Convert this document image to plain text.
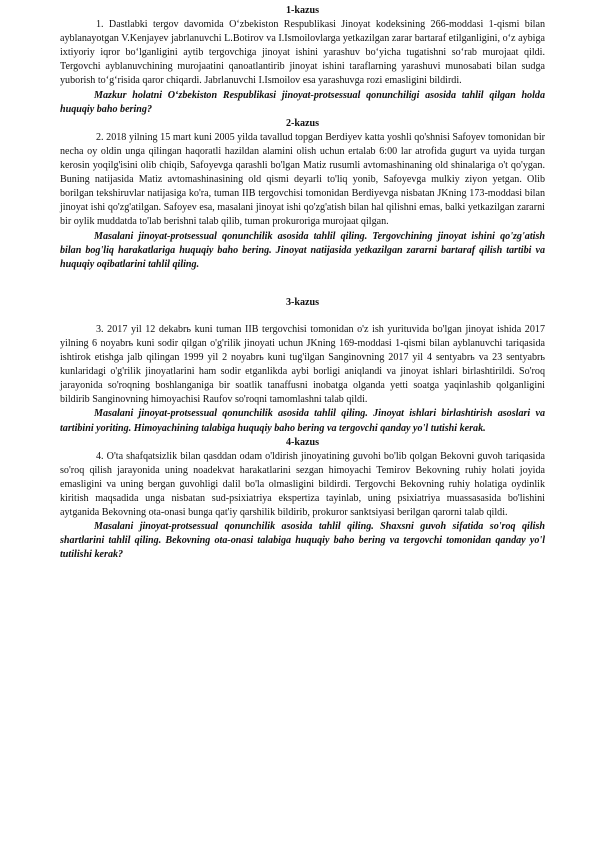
1-kazus

1. Dastlabki tergov davomida O‘zbekiston Respublikasi Jinoyat kodeksining 266-moddasi 1-qismi bilan ayblanayotgan V.Kenjayev jabrlanuvchi L.Botirov va I.Ismoilovlarga yetkazilgan zarar bartaraf etilganligini, o‘z aybiga ixtiyoriy iqror bo‘lganligini aytib tergovchiga jinoyat ishini yarashuv bo‘yicha tugatishni so‘rab murojaat qildi. Tergovchi ayblanuvchining murojaatini qanoatlantirib jinoyat ishini taraflarning yarashuvi munosabati bilan sudga yuborish to‘g‘risida qaror chiqardi. Jabrlanuvchi I.Ismoilov esa yarashuvga rozi emasligini bildirdi.

Mazkur holatni O‘zbekiston Respublikasi jinoyat-protsessual qonunchiligi asosida tahlil qilgan holda huquqiy baho bering?

2-kazus

2. 2018 yilning 15 mart kuni 2005 yilda tavallud topgan Berdiyev katta yoshli qo'shnisi Safoyev tomonidan bir necha oy oldin unga qilingan haqoratli hazildan alamini olish uchun ertalab 6:00 lar atrofida gugurt va uyida turgan kerosin yoqilg'isini olib chiqib, Safoyevga qarashli bo'lgan Matiz rusumli avtomashinaning old shinalariga o't qo'ygan. Buning natijasida Matiz avtomashinasining old qismi deyarli to'liq yonib, Safoyevga mulkiy ziyon yetgan. Olib borilgan tekshiruvlar natijasiga ko'ra, tuman IIB tergovchisi tomonidan Berdiyevga nisbatan JKning 173-moddasi bilan jinoyat ishi qo'zg'atilgan. Safoyev esa, masalani jinoyat ishi qo'zg'atish bilan hal qilishni emas, balki yetkazilgan zararni bir oylik muddatda to'lab berishni talab qilib, tuman prokuroriga murojaat qilgan.

Masalani jinoyat-protsessual qonunchilik asosida tahlil qiling. Tergovchining jinoyat ishini qo'zg'atish bilan bog'liq harakatlariga huquqiy baho bering. Jinoyat natijasida yetkazilgan zararni bartaraf qilish tartibi va huquqiy oqibatlarini tahlil qiling.

3-kazus

3. 2017 yil 12 dekabrь kuni tuman IIB tergovchisi tomonidan o'z ish yurituvida bo'lgan jinoyat ishida 2017 yilning 6 noyabrь kuni sodir qilgan o'g'rilik jinoyati uchun JKning 169-moddasi 1-qismi bilan ayblanuvchi tariqasida ishtirok etishga jalb qilingan 1999 yil 2 noyabrь kuni tug'ilgan Sanginovning 2017 yil 4 sentyabrь va 23 sentyabrь kunlaridagi o'g'rilik jinoyatlarini ham sodir etganlikda aybi borligi aniqlandi va jinoyat ishlari birlashtirildi. So'roq jarayonida so'roqning boshlanganiga bir soatlik tanaffusni inobatga olganda yetti soatga yaqinlashib qolganligini bildirib Sanginovning himoyachisi Raufov so'roqni tamomlashni talab qildi.

Masalani jinoyat-protsessual qonunchilik asosida tahlil qiling. Jinoyat ishlari birlashtirish asoslari va tartibini yoriting. Himoyachining talabiga huquqiy baho bering va tergovchi qanday yo'l tutishi kerak.

4-kazus

4. O'ta shafqatsizlik bilan qasddan odam o'ldirish jinoyatining guvohi bo'lib qolgan Bekovni guvoh tariqasida so'roq qilish jarayonida uning noadekvat harakatlarini sezgan himoyachi Temirov Bekovning ruhiy holati joyida emasligini va uning bergan guvohligi dalil bo'la olmasligini bildirdi. Tergovchi Bekovning ruhiy holatiga oydinlik kiritish maqsadida unga nisbatan sud-psixiatriya ekspertiza tayinlab, uning psixiatriya muassasasida bo'lishini aytganida Bekovning ota-onasi bunga qat'iy qarshilik bildirib, prokuror sanktsiyasi berilgan qarorni talab qildi.

Masalani jinoyat-protsessual qonunchilik asosida tahlil qiling. Shaxsni guvoh sifatida so'roq qilish shartlarini tahlil qiling. Bekovning ota-onasi talabiga huquqiy baho bering va tergovchi tomonidan qanday yo'l tutilishi kerak?
